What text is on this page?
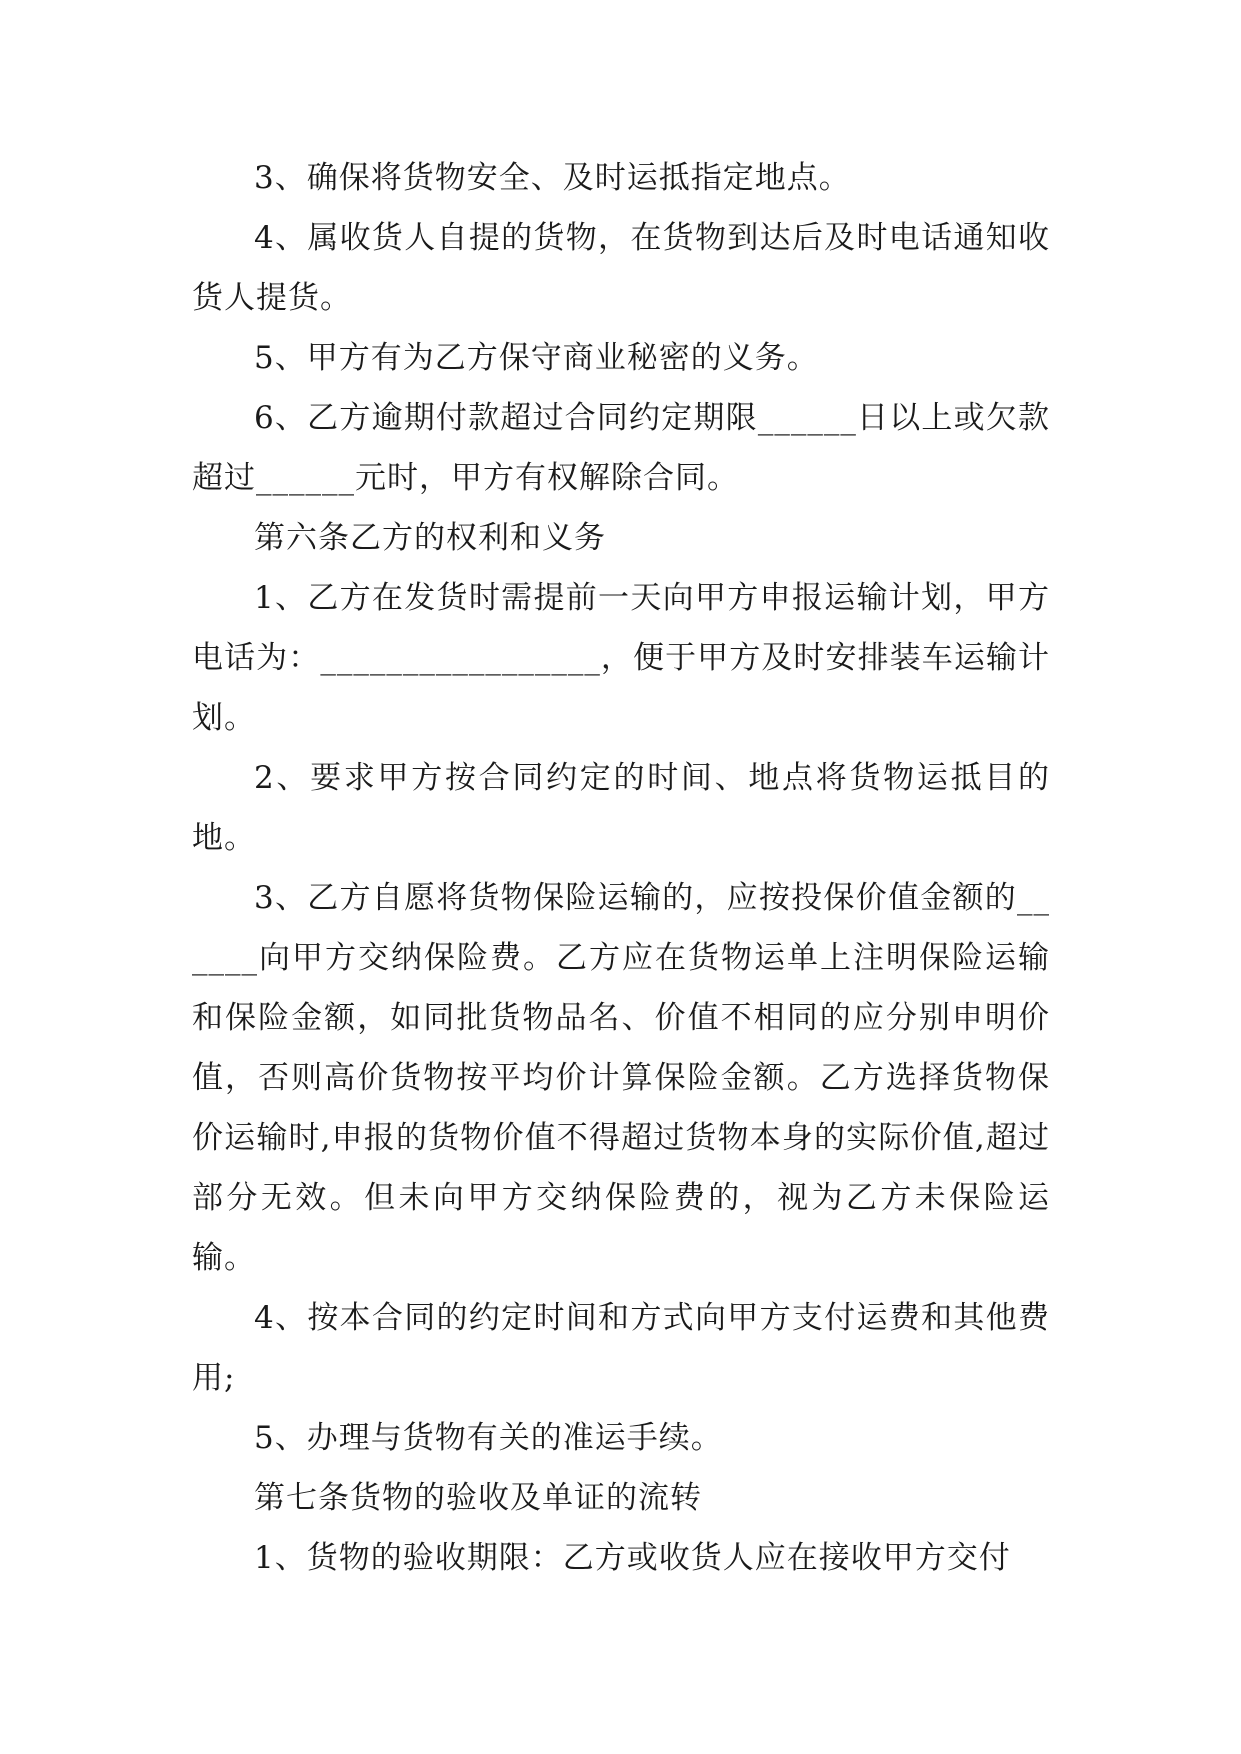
3、确保将货物安全、及时运抵指定地点。

4、属收货人自提的货物，在货物到达后及时电话通知收货人提货。

5、甲方有为乙方保守商业秘密的义务。

6、乙方逾期付款超过合同约定期限______日以上或欠款超过______元时，甲方有权解除合同。

第六条乙方的权利和义务

1、乙方在发货时需提前一天向甲方申报运输计划，甲方电话为：_________________，便于甲方及时安排装车运输计划。

2、要求甲方按合同约定的时间、地点将货物运抵目的地。

3、乙方自愿将货物保险运输的，应按投保价值金额的______向甲方交纳保险费。乙方应在货物运单上注明保险运输和保险金额，如同批货物品名、价值不相同的应分别申明价值，否则高价货物按平均价计算保险金额。乙方选择货物保价运输时,申报的货物价值不得超过货物本身的实际价值,超过部分无效。但未向甲方交纳保险费的，视为乙方未保险运输。

4、按本合同的约定时间和方式向甲方支付运费和其他费用;

5、办理与货物有关的准运手续。

第七条货物的验收及单证的流转

1、货物的验收期限：乙方或收货人应在接收甲方交付
